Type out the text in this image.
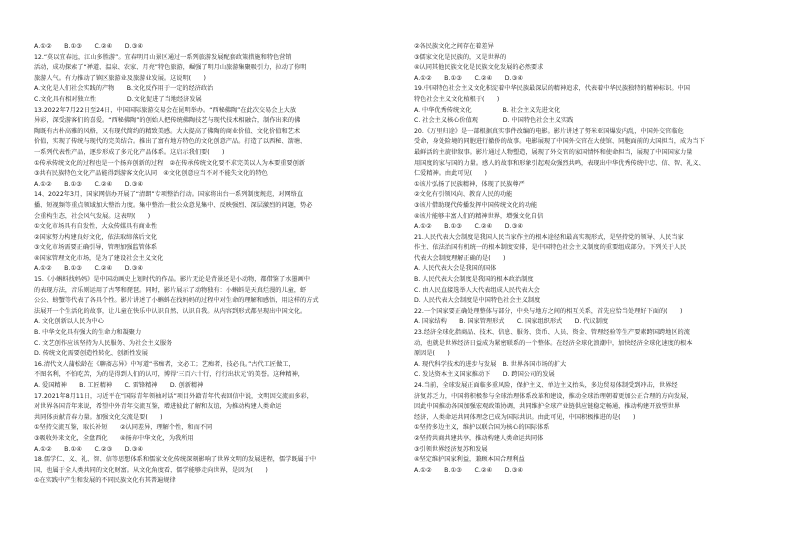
A.①②　　B.①③　　C.②④　　D.③④
12.“莫以宜春远，江山多胜游”。宜春明月山景区通过一系列旅游发展配套政策措施和特色营销
活动，成功探索了“禅道、温泉、农家、月亮”特色旅游，崛强了明月山旅游集聚吸引力，拉动了你明
旅游人气。有力推动了镇区旅游业及旅游业发展。这说明(　　)
A.文化是人们社会实践的产物　　B.文化反作用于一定的经济政治
C.文化具有相对独立性　　　　　D.文化促进了当地经济发展
13.2022年7月22日至24日，中国国际旅游交易会在昆明举办。“西秘佛陶”在此次交易会上大放
异彩，深受游客们的喜爱。“西秘佛陶”的创始人把传统佛陶技艺与现代技术相融合，制作出来的佛
陶既有古朴高雅的风格，又有现代简约的精致美感。大大提高了佛陶的商业价值、文化价值和艺术
价值，实现了传统与现代的完美结合。推出了富有地方特色的文化创意产品。打造了以西秘、箭塘、
一系列代表性产品，逐步形成了多元化产品体系。这启示我们要(　　)
①传承传统文化的过程也是一个扬弃创新的过程　②在传承传统文化要不求完美以人为本要重要创新
③共有民族特色文化产品能得到游客文化认同　④文化创意应当不对不能失文化的特色
A.①②　　B.①③　　C.②④　　D.③④
14、2022年3月，国家网信办开展了“清朗”专项整治行动。国家将出台一系列制度规范，对网络直
播、短视频等重点领域加大整治力度。集中整治一批公众意见集中、反映强烈、深层激烈的问题，势必
会重构生态，社会风气发展。这表明(　　)
①文化市场具有自发性，大众传媒具有商业性
②国家努力构建良好文化，依法取缔落后文化
③文化市场需要正确引导，管理加强监管体系
④国家管理文化市场，是为了建设社会主义文化
A.①②　　B.①③　　C.②④　　D.③④
15.《小蝌蚪找妈妈》是中国动画史上划时代的作品。影片无论是背景还是小动物，都借鉴了水墨画中
的表现方法，音乐则运用了古琴和琵琶。同时，影片展示了动物独有：小蝌蚪是天真烂漫的儿童，虾
公公、螃蟹等代表了各具个性。影片讲述了小蝌蚪在找妈妈的过程中对生命的理解和感悟，用这样的方式
法展开一个生活化的故事，让儿童在快乐中认识自然、认识自我。从内容到形式都呈现出中国文化。
A. 文化创新以人民为中心
B. 中华文化具有强大的生命力和凝聚力
C. 文艺创作应该坚持为人民服务、为社会主义服务
D. 传统文化需要创造性转化、创新性发展
16.清代文人蒲松龄在《聊斋志异》中写道“书痴者，文必工；艺痴者，技必良。”古代工匠做工，
不图名利，不怕吃苦，为的是得到人们的认可，博得‘三百六十行，行行出状元’的美誉。这种精神，
A. 爱国精神　　B. 工匠精神　　C. 雷锋精神　　D. 创新精神
17.2021年8月11日，习近平在“国际青年领袖对话”项目外籍青年代表回信中说，文明因交流而多彩，
对世界各国青年来说，希望中外青年交流互鉴，增进彼此了解和友谊，为推动构建人类命运
共同体贡献青春力量。加强文化交流是要(　　)
①坚持交流互鉴，取长补短　　②认同差异，理解个性，和而不同
③吸收外来文化，全盘西化　　④扬弃中华文化，为我所用
A.①②　　B.①④　　C.②③　　D.③④
18.儒学仁、义、礼、智、信等思想体系和儒家文化传统深刻影响了世界文明的发展进程，儒学既属于中
国，也属于全人类共同的文化财富。从文化角度看，儒学能够走向世界，是因为(　　)
①在实践中产生和发展的不同民族文化有其普遍规律
②各民族文化之间存在着差异
③儒家文化是民族的，又是世界的
④认同其他民族文化是民族文化发展的必然要求
A.①②　　B.①③　　C.②④　　D.③④
19.中国特色社会主义文化积淀着中华民族最深层的精神追求，代表着中华民族独特的精神标识。中国
特色社会主义文化植根于(　　)
A. 中华优秀传统文化　　　　　B. 社会主义先进文化
C. 社会主义核心价值观　　　　D. 中国特色社会主义实践
20.《万里归途》是一部根据真实事件改编的电影。影片讲述了努米亚国爆发内乱，中国外交官临危
受命，身处险境的同胞进行撤侨的故事。电影展现了中国外交官在大使馆、同胞面前的大国担当，成为当下
最鲜活的主旋律叙事。影片通过人物塑造，展现了外交官的家国情怀和使命担当，展现了中国国家力量
用国度的家与国的力量。感人的故事和形象引起观众强烈共鸣，表现出中华优秀传统中忠、信、智、礼义、
仁爱精神。由此可见(　　)
①该片弘扬了民族精神，体现了民族尊严
②文化有引领风向、教育人民的功能
③该片借助现代传播发挥中国传统文化的功能
④该片能够丰富人们的精神世界，增强文化自信
A.①②　　B.①③　　C.②④　　D.③④
21.人民代表大会制度是我国人民当家作主的根本途径和最高实现形式，是坚持党的领导、人民当家
作主、依法治国有机统一的根本制度安排，是中国特色社会主义制度的重要组成部分。下列关于人民
代表大会制度理解正确的是(　　)
A. 人民代表大会是我国的国体
B. 人民代表大会制度是我国的根本政治制度
C. 由人民直接选举人大代表组成人民代表大会
D. 人民代表大会制度是中国特色社会主义制度
22.一个国家要正确处理整体与部分，中央与地方之间的相互关系，首先应恰当处理好下面的(　　)
A. 国家结构　　B. 国家管理形式　　C. 国家组织形式　　D. 代议制度
23.经济全球化指商品、技术、信息、服务、货币、人员、资金、管理经验等生产要素跨国跨地区的流
动，也就是世界经济日益成为紧密联系的一个整体。在经济全球化浪潮中，加快经济全球化速度的根本
原因是(　　)
A. 现代科学技术的进步与发展　B. 世界各国市场的扩大
C. 发达资本主义国家推动下　　D. 跨国公司的发展
24.当前，全球发展正面临多重风险，保护主义、单边主义抬头，多边贸易体制受到冲击，世界经
济复苏乏力，中国将积极参与全球治理体系改革和建设，推动全球治理朝着更加公正合理的方向发展，
因此中国推动各国加强宏观政策协调，共同维护全球产业链供应链稳定畅通，推动构建开放型世界
经济，人类命运共同体理念已成为国际共识。由此可见，中国积极推进的是(　　)
①坚持多边主义，维护以联合国为核心的国际体系
②坚持共商共建共享，推动构建人类命运共同体
③引领世界经济复苏和发展
④坚定维护国家利益，兼顾本国合理利益
A.①②　　B.①③　　C.②④　　D.③④
